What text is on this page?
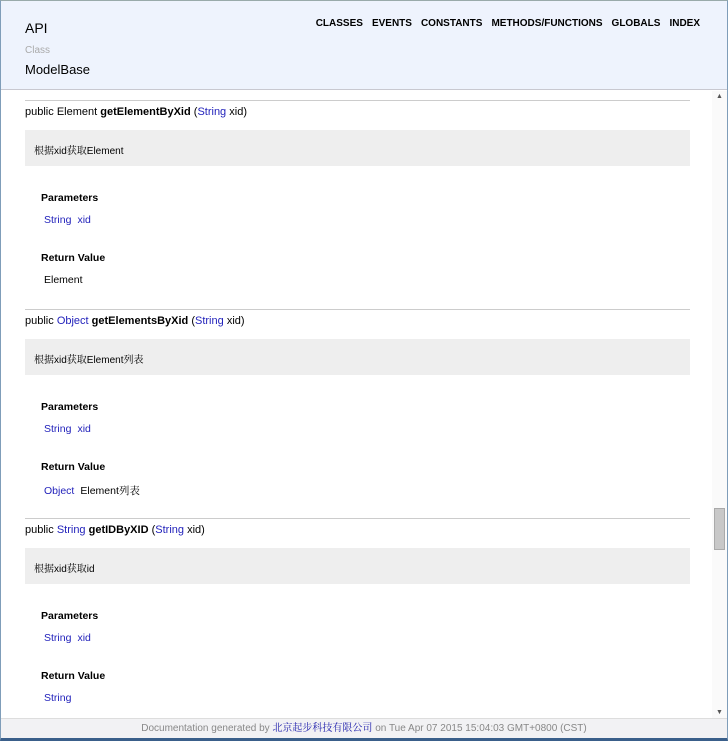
API
Class
ModelBase
CLASSES EVENTS CONSTANTS METHODS/FUNCTIONS GLOBALS INDEX
public Element getElementByXid (String xid)
根据xid获取Element
Parameters
String xid
Return Value
Element
public Object getElementsByXid (String xid)
根据xid获取Element列表
Parameters
String xid
Return Value
Object Element列表
public String getIDByXID (String xid)
根据xid获取id
Parameters
String xid
Return Value
String
▲
▼
Documentation generated by 北京起步科技有限公司 on Tue Apr 07 2015 15:04:03 GMT+0800 (CST)
